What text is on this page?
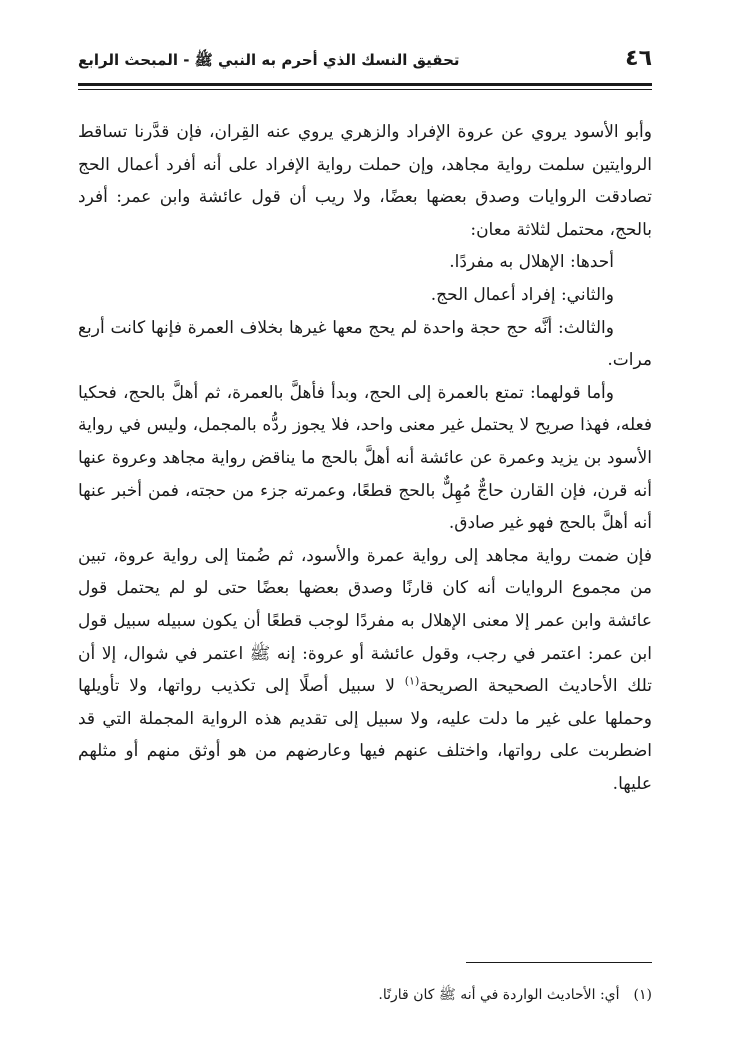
٤٦
تحقيق النسك الذي أحرم به النبي ﷺ - المبحث الرابع

وأبو الأسود يروي عن عروة الإفراد والزهري يروي عنه القِران، فإن قدَّرنا تساقط الروايتين سلمت رواية مجاهد، وإن حملت رواية الإفراد على أنه أفرد أعمال الحج تصادقت الروايات وصدق بعضها بعضًا، ولا ريب أن قول عائشة وابن عمر: أفرد بالحج، محتمل لثلاثة معان:

أحدها: الإهلال به مفردًا.

والثاني: إفراد أعمال الحج.

والثالث: أنَّه حج حجة واحدة لم يحج معها غيرها بخلاف العمرة فإنها كانت أربع مرات.

وأما قولهما: تمتع بالعمرة إلى الحج، وبدأ فأهلَّ بالعمرة، ثم أهلَّ بالحج، فحكيا فعله، فهذا صريح لا يحتمل غير معنى واحد، فلا يجوز ردُّه بالمجمل، وليس في رواية الأسود بن يزيد وعمرة عن عائشة أنه أهلَّ بالحج ما يناقض رواية مجاهد وعروة عنها أنه قرن، فإن القارن حاجٌّ مُهِلٌّ بالحج قطعًا، وعمرته جزء من حجته، فمن أخبر عنها أنه أهلَّ بالحج فهو غير صادق.

فإن ضمت رواية مجاهد إلى رواية عمرة والأسود، ثم ضُمتا إلى رواية عروة، تبين من مجموع الروايات أنه كان قارنًا وصدق بعضها بعضًا حتى لو لم يحتمل قول عائشة وابن عمر إلا معنى الإهلال به مفردًا لوجب قطعًا أن يكون سبيله سبيل قول ابن عمر: اعتمر في رجب، وقول عائشة أو عروة: إنه ﷺ اعتمر في شوال، إلا أن تلك الأحاديث الصحيحة الصريحة$^{(١)}$ لا سبيل أصلًا إلى تكذيب رواتها، ولا تأويلها وحملها على غير ما دلت عليه، ولا سبيل إلى تقديم هذه الرواية المجملة التي قد اضطربت على رواتها، واختلف عنهم فيها وعارضهم من هو أوثق منهم أو مثلهم عليها.

(١)أي: الأحاديث الواردة في أنه ﷺ كان قارنًا.
